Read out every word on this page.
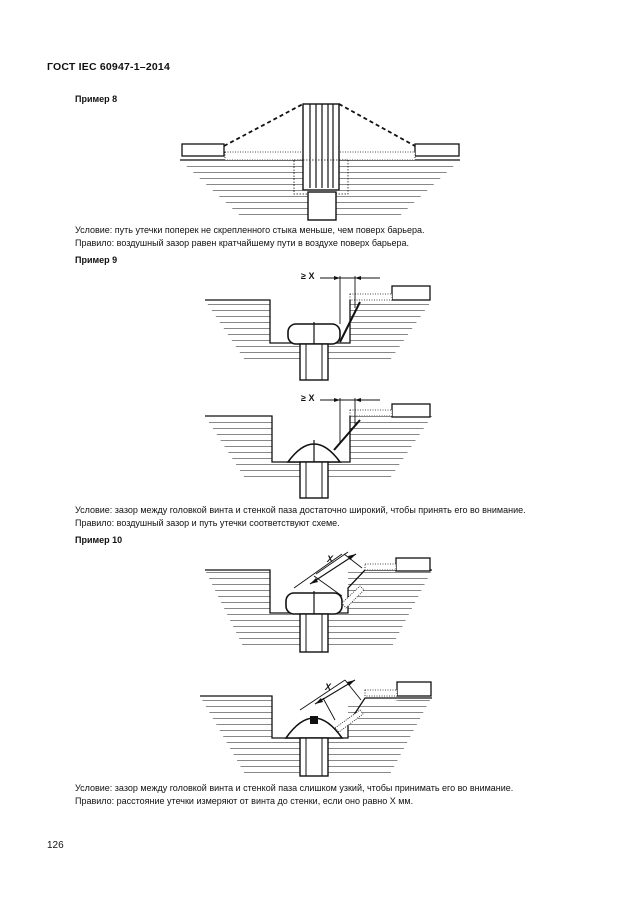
ГОСТ IEC 60947-1–2014
Пример 8
Условие: путь утечки поперек не скрепленного стыка меньше, чем поверх барьера.
Правило: воздушный зазор равен кратчайшему пути в воздухе поверх барьера.
Пример 9
≥ X
≥ X
Условие: зазор между головкой винта и стенкой паза достаточно широкий, чтобы принять его во внимание.
Правило: воздушный зазор и путь утечки соответствуют схеме.
Пример 10
X
X
Условие: зазор между головкой винта и стенкой паза слишком узкий, чтобы принимать его во внимание.
Правило: расстояние утечки измеряют от винта до стенки, если оно равно X мм.
126
